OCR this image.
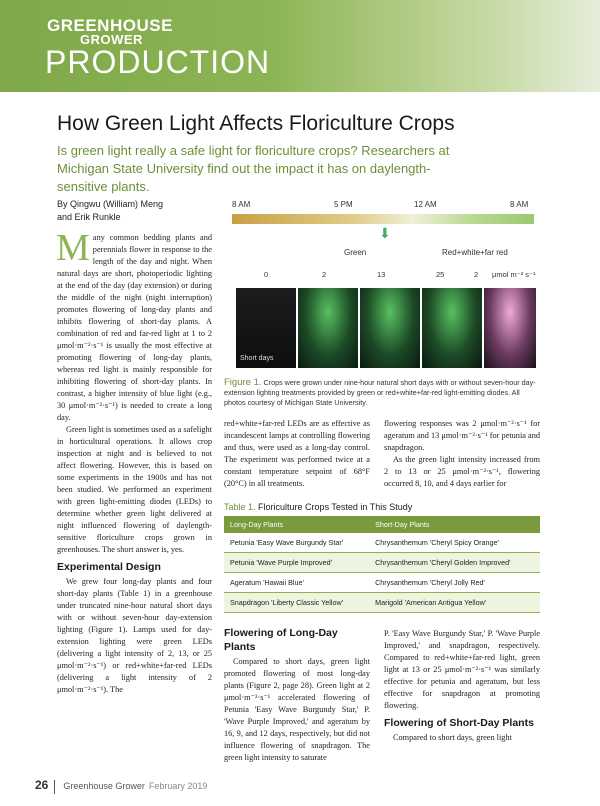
GREENHOUSE
GROWER
PRODUCTION
How Green Light Affects Floriculture Crops
Is green light really a safe light for floriculture crops? Researchers at Michigan State University find out the impact it has on daylength-sensitive plants.
By Qingwu (William) Meng
and Erik Runkle

Many common bedding plants and perennials flower in response to the length of the day and night. When natural days are short, photoperiodic lighting at the end of the day (day extension) or during the middle of the night (night interruption) promotes flowering of long-day plants and inhibits flowering of short-day plants. A combination of red and far-red light at 1 to 2 μmol·m⁻²·s⁻¹ is usually the most effective at promoting flowering of long-day plants, whereas red light is mainly responsible for inhibiting flowering of short-day plants. In contrast, a higher intensity of blue light (e.g., 30 μmol·m⁻²·s⁻¹) is needed to create a long day.

Green light is sometimes used as a safelight in horticultural operations. It allows crop inspection at night and is believed to not affect flowering. However, this is based on some experiments in the 1900s and has not been studied. We performed an experiment with green light-emitting diodes (LEDs) to determine whether green light delivered at night influenced flowering of daylength-sensitive floriculture crops grown in greenhouses. The short answer is, yes.

Experimental Design

We grew four long-day plants and four short-day plants (Table 1) in a greenhouse under truncated nine-hour natural short days with or without seven-hour day-extension lighting (Figure 1). Lamps used for day-extension lighting were green LEDs (delivering a light intensity of 2, 13, or 25 μmol·m⁻²·s⁻¹) or red+white+far-red LEDs (delivering a light intensity of 2 μmol·m⁻²·s⁻¹). The

8 AM	5 PM	12 AM	8 AM
⬇
Green	Red+white+far red
0	2	13	25	2 μmol m⁻² s⁻¹
Short days
Figure 1. Crops were grown under nine-hour natural short days with or without seven-hour day-extension lighting treatments provided by green or red+white+far-red light-emitting diodes. All photos courtesy of Michigan State University.

red+white+far-red LEDs are as effective as incandescent lamps at controlling flowering and thus, were used as a long-day control. The experiment was performed twice at a constant temperature setpoint of 68°F (20°C) in all treatments.

flowering responses was 2 μmol·m⁻²·s⁻¹ for ageratum and 13 μmol·m⁻²·s⁻¹ for petunia and snapdragon.

As the green light intensity increased from 2 to 13 or 25 μmol·m⁻²·s⁻¹, flowering occurred 8, 10, and 4 days earlier for

Table 1. Floriculture Crops Tested in This Study
Long-Day Plants	Short-Day Plants
Petunia 'Easy Wave Burgundy Star'	Chrysanthemum 'Cheryl Spicy Orange'
Petunia 'Wave Purple Improved'	Chrysanthemum 'Cheryl Golden Improved'
Ageratum 'Hawaii Blue'	Chrysanthemum 'Cheryl Jolly Red'
Snapdragon 'Liberty Classic Yellow'	Marigold 'American Antigua Yellow'
Flowering of Long-Day Plants

Compared to short days, green light promoted flowering of most long-day plants (Figure 2, page 28). Green light at 2 μmol·m⁻²·s⁻¹ accelerated flowering of Petunia 'Easy Wave Burgundy Star,' P. 'Wave Purple Improved,' and ageratum by 16, 9, and 12 days, respectively, but did not influence flowering of snapdragon. The green light intensity to saturate

P. 'Easy Wave Burgundy Star,' P. 'Wave Purple Improved,' and snapdragon, respectively. Compared to red+white+far-red light, green light at 13 or 25 μmol·m⁻²·s⁻¹ was similarly effective for petunia and ageratum, but less effective for snapdragon at promoting flowering.

Flowering of Short-Day Plants

Compared to short days, green light

26 Greenhouse Grower February 2019
